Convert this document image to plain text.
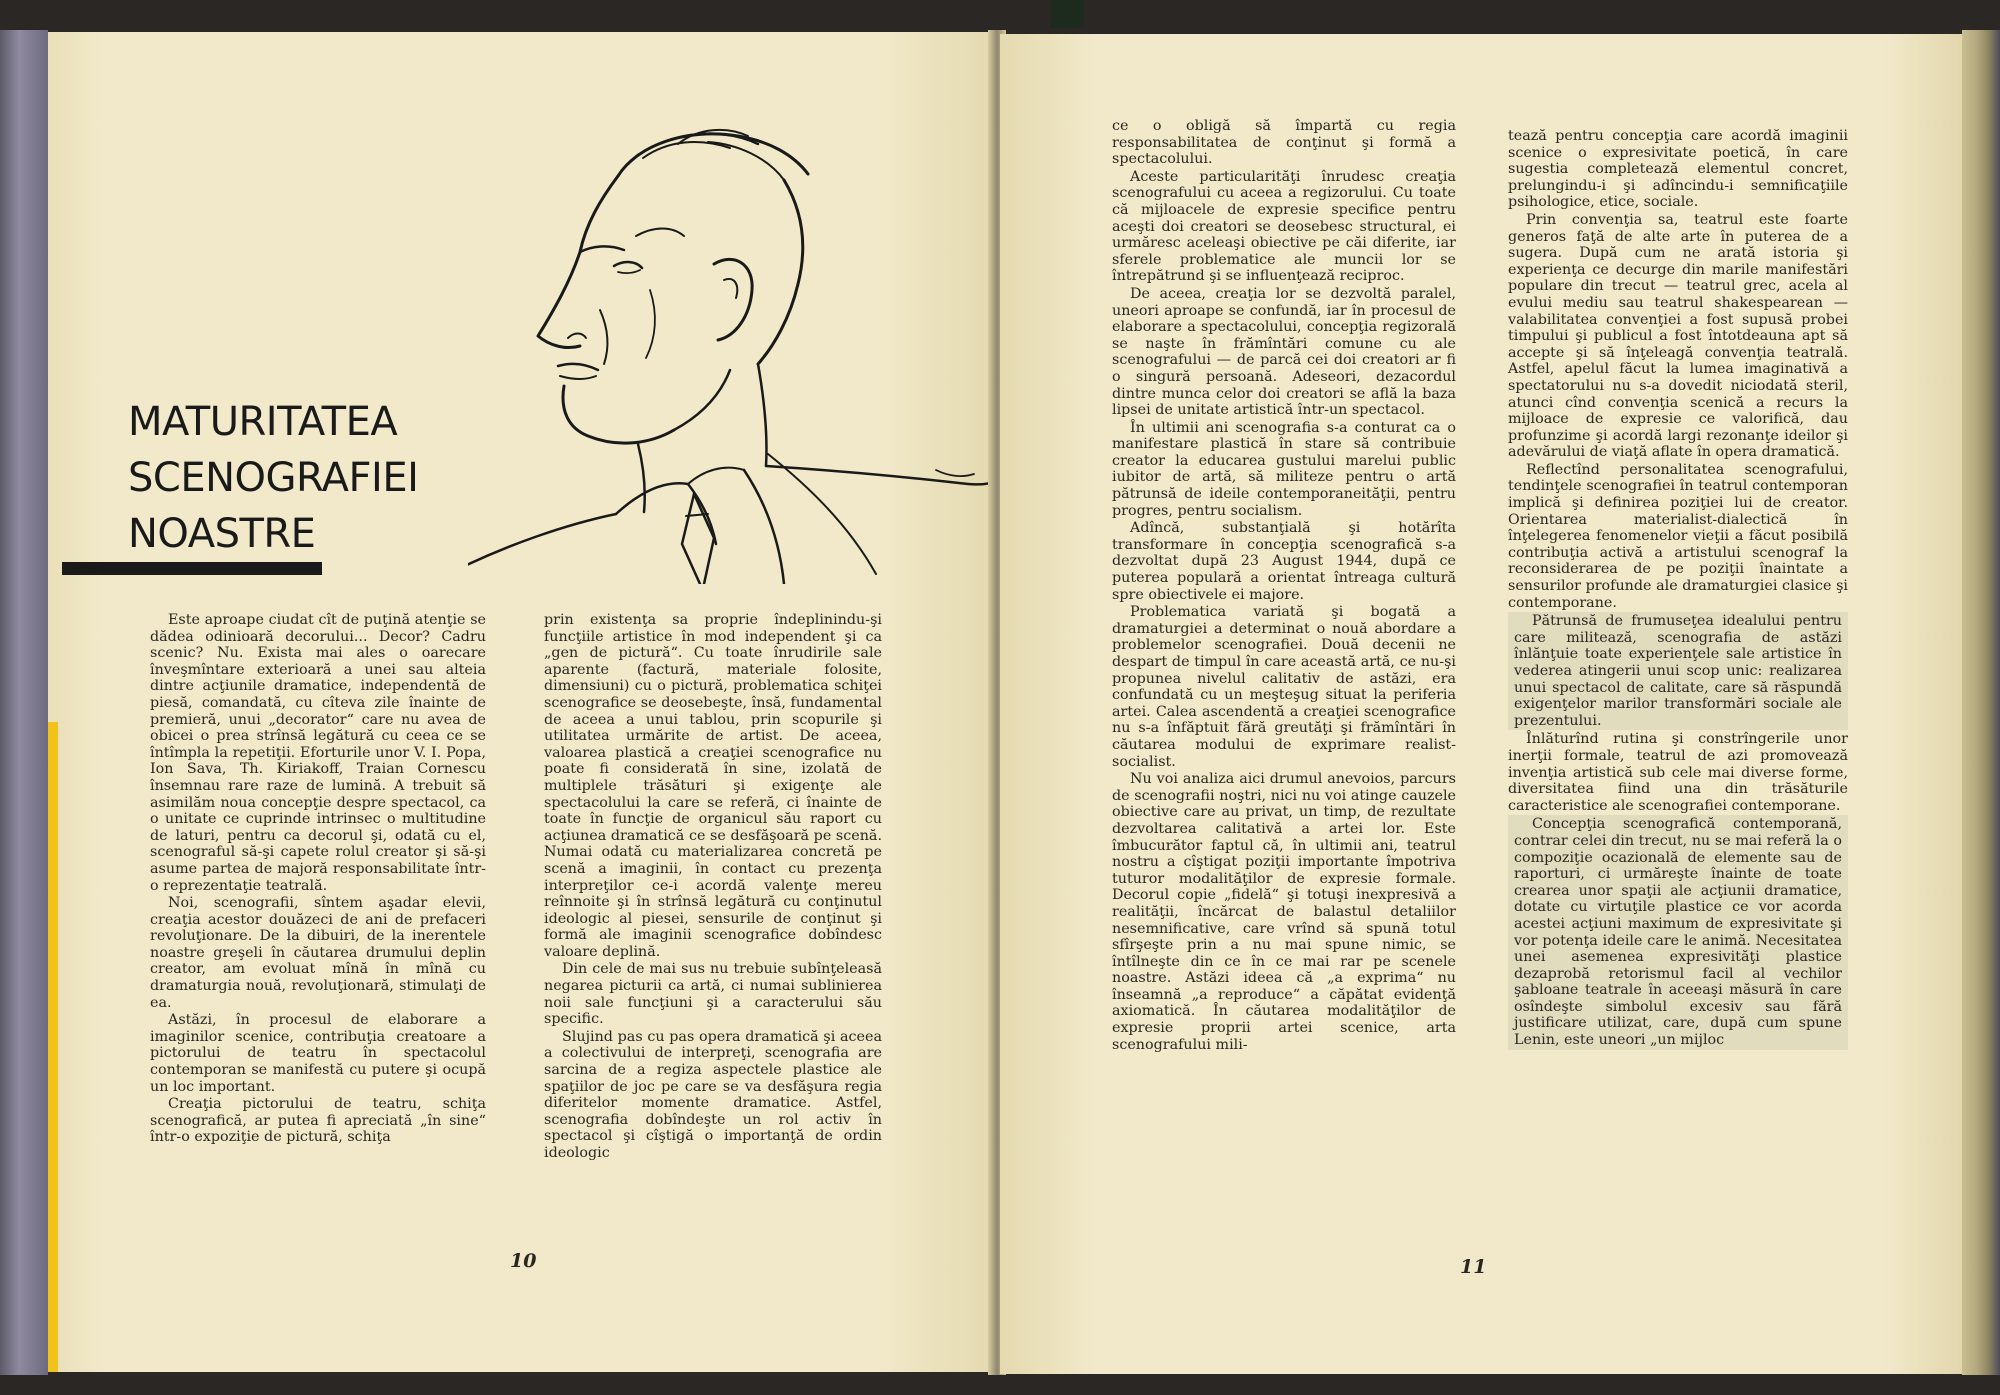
MATURITATEA
SCENOGRAFIEI
NOASTRE

Este aproape ciudat cît de puţină atenţie se dădea odinioară decorului... Decor? Cadru scenic? Nu. Exista mai ales o oarecare înveşmîntare exterioară a unei sau alteia dintre acţiunile dramatice, independentă de piesă, comandată, cu cîteva zile înainte de premieră, unui „decorator“ care nu avea de obicei o prea strînsă legătură cu ceea ce se întîmpla la repetiţii. Eforturile unor V. I. Popa, Ion Sava, Th. Kiriakoff, Traian Cornescu însemnau rare raze de lumină. A trebuit să asimilăm noua concepţie despre spectacol, ca o unitate ce cuprinde intrinsec o multitudine de laturi, pentru ca decorul şi, odată cu el, scenograful să-şi capete rolul creator şi să-şi asume partea de majoră responsabilitate într-o reprezentaţie teatrală.

Noi, scenografii, sîntem aşadar elevii, creaţia acestor douăzeci de ani de prefaceri revoluţionare. De la dibuiri, de la inerentele noastre greşeli în căutarea drumului deplin creator, am evoluat mînă în mînă cu dramaturgia nouă, revoluţionară, stimulaţi de ea.

Astăzi, în procesul de elaborare a imaginilor scenice, contribuţia creatoare a pictorului de teatru în spectacolul contemporan se manifestă cu putere şi ocupă un loc important.

Creaţia pictorului de teatru, schiţa scenografică, ar putea fi apreciată „în sine“ într-o expoziţie de pictură, schiţa

prin existenţa sa proprie îndeplinindu-şi funcţiile artistice în mod independent şi ca „gen de pictură“. Cu toate înrudirile sale aparente (factură, materiale folosite, dimensiuni) cu o pictură, problematica schiţei scenografice se deosebeşte, însă, fundamental de aceea a unui tablou, prin scopurile şi utilitatea urmărite de artist. De aceea, valoarea plastică a creaţiei scenografice nu poate fi considerată în sine, izolată de multiplele trăsături şi exigenţe ale spectacolului la care se referă, ci înainte de toate în funcţie de organicul său raport cu acţiunea dramatică ce se desfăşoară pe scenă. Numai odată cu materializarea concretă pe scenă a imaginii, în contact cu prezenţa interpreţilor ce-i acordă valenţe mereu reînnoite şi în strînsă legătură cu conţinutul ideologic al piesei, sensurile de conţinut şi formă ale imaginii scenografice dobîndesc valoare deplină.

Din cele de mai sus nu trebuie subînţeleasă negarea picturii ca artă, ci numai sublinierea noii sale funcţiuni şi a caracterului său specific.

Slujind pas cu pas opera dramatică şi aceea a colectivului de interpreţi, scenografia are sarcina de a regiza aspectele plastice ale spaţiilor de joc pe care se va desfăşura regia diferitelor momente dramatice. Astfel, scenografia dobîndeşte un rol activ în spectacol şi cîştigă o importanţă de ordin ideologic

10

ce o obligă să împartă cu regia responsabilitatea de conţinut şi formă a spectacolului.

Aceste particularităţi înrudesc creaţia scenografului cu aceea a regizorului. Cu toate că mijloacele de expresie specifice pentru aceşti doi creatori se deosebesc structural, ei urmăresc aceleaşi obiective pe căi diferite, iar sferele problematice ale muncii lor se întrepătrund şi se influenţează reciproc.

De aceea, creaţia lor se dezvoltă paralel, uneori aproape se confundă, iar în procesul de elaborare a spectacolului, concepţia regizorală se naşte în frămîntări comune cu ale scenografului — de parcă cei doi creatori ar fi o singură persoană. Adeseori, dezacordul dintre munca celor doi creatori se află la baza lipsei de unitate artistică într-un spectacol.

În ultimii ani scenografia s-a conturat ca o manifestare plastică în stare să contribuie creator la educarea gustului marelui public iubitor de artă, să militeze pentru o artă pătrunsă de ideile contemporaneităţii, pentru progres, pentru socialism.

Adîncă, substanţială şi hotărîta transformare în concepţia scenografică s-a dezvoltat după 23 August 1944, după ce puterea populară a orientat întreaga cultură spre obiectivele ei majore.

Problematica variată şi bogată a dramaturgiei a determinat o nouă abordare a problemelor scenografiei. Două decenii ne despart de timpul în care această artă, ce nu-şi propunea nivelul calitativ de astăzi, era confundată cu un meşteşug situat la periferia artei. Calea ascendentă a creaţiei scenografice nu s-a înfăptuit fără greutăţi şi frămîntări în căutarea modului de exprimare realist-socialist.

Nu voi analiza aici drumul anevoios, parcurs de scenografii noştri, nici nu voi atinge cauzele obiective care au privat, un timp, de rezultate dezvoltarea calitativă a artei lor. Este îmbucurător faptul că, în ultimii ani, teatrul nostru a cîştigat poziţii importante împotriva tuturor modalităţilor de expresie formale. Decorul copie „fidelă“ şi totuşi inexpresivă a realităţii, încărcat de balastul detaliilor nesemnificative, care vrînd să spună totul sfîrşeşte prin a nu mai spune nimic, se întîlneşte din ce în ce mai rar pe scenele noastre. Astăzi ideea că „a exprima“ nu înseamnă „a reproduce“ a căpătat evidenţă axiomatică. În căutarea modalităţilor de expresie proprii artei scenice, arta scenografului mili-

tează pentru concepţia care acordă imaginii scenice o expresivitate poetică, în care sugestia completează elementul concret, prelungindu-i şi adîncindu-i semnificaţiile psihologice, etice, sociale.

Prin convenţia sa, teatrul este foarte generos faţă de alte arte în puterea de a sugera. După cum ne arată istoria şi experienţa ce decurge din marile manifestări populare din trecut — teatrul grec, acela al evului mediu sau teatrul shakespearean — valabilitatea convenţiei a fost supusă probei timpului şi publicul a fost întotdeauna apt să accepte şi să înţeleagă convenţia teatrală. Astfel, apelul făcut la lumea imaginativă a spectatorului nu s-a dovedit niciodată steril, atunci cînd convenţia scenică a recurs la mijloace de expresie ce valorifică, dau profunzime şi acordă largi rezonanţe ideilor şi adevărului de viaţă aflate în opera dramatică.

Reflectînd personalitatea scenografului, tendinţele scenografiei în teatrul contemporan implică şi definirea poziţiei lui de creator. Orientarea materialist-dialectică în înţelegerea fenomenelor vieţii a făcut posibilă contribuţia activă a artistului scenograf la reconsiderarea de pe poziţii înaintate a sensurilor profunde ale dramaturgiei clasice şi contemporane.

Pătrunsă de frumuseţea idealului pentru care militează, scenografia de astăzi înlănţuie toate experienţele sale artistice în vederea atingerii unui scop unic: realizarea unui spectacol de calitate, care să răspundă exigenţelor marilor transformări sociale ale prezentului.

Înlăturînd rutina şi constrîngerile unor inerţii formale, teatrul de azi promovează invenţia artistică sub cele mai diverse forme, diversitatea fiind una din trăsăturile caracteristice ale scenografiei contemporane.

Concepţia scenografică contemporană, contrar celei din trecut, nu se mai referă la o compoziţie ocazională de elemente sau de raporturi, ci urmăreşte înainte de toate crearea unor spaţii ale acţiunii dramatice, dotate cu virtuţile plastice ce vor acorda acestei acţiuni maximum de expresivitate şi vor potenţa ideile care le animă. Necesitatea unei asemenea expresivităţi plastice dezaprobă retorismul facil al vechilor şabloane teatrale în aceeaşi măsură în care osîndeşte simbolul excesiv sau fără justificare utilizat, care, după cum spune Lenin, este uneori „un mijloc

11
